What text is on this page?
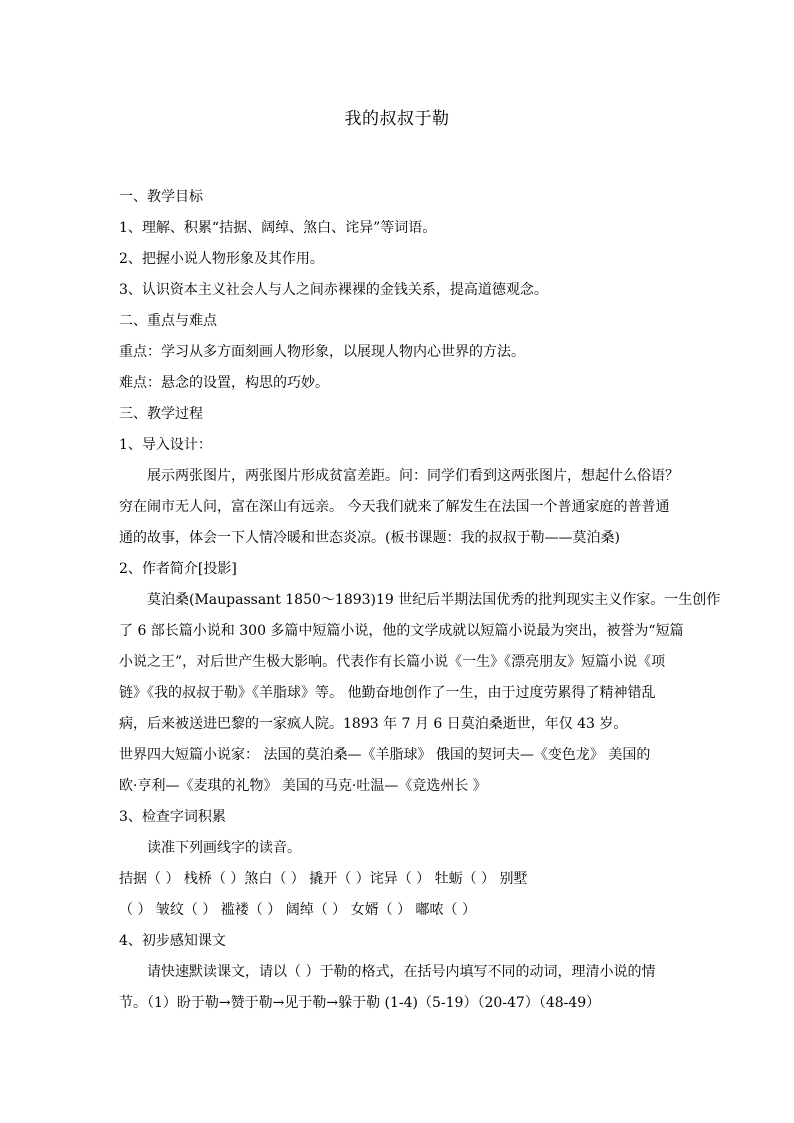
我的叔叔于勒
一、教学目标
1、理解、积累“拮据、阔绰、煞白、诧异”等词语。
2、把握小说人物形象及其作用。
3、认识资本主义社会人与人之间赤裸裸的金钱关系，提高道德观念。
二、重点与难点
重点：学习从多方面刻画人物形象，以展现人物内心世界的方法。
难点：悬念的设置，构思的巧妙。
三、教学过程
1、导入设计：
展示两张图片，两张图片形成贫富差距。问：同学们看到这两张图片，想起什么俗语？
穷在闹市无人问，富在深山有远亲。 今天我们就来了解发生在法国一个普通家庭的普普通
通的故事，体会一下人情冷暖和世态炎凉。(板书课题：我的叔叔于勒——莫泊桑)
2、作者简介[投影]
莫泊桑(Maupassant 1850～1893)19 世纪后半期法国优秀的批判现实主义作家。一生创作
了 6 部长篇小说和 300 多篇中短篇小说，他的文学成就以短篇小说最为突出，被誉为“短篇
小说之王”，对后世产生极大影响。代表作有长篇小说《一生》《漂亮朋友》短篇小说《项
链》《我的叔叔于勒》《羊脂球》等。 他勤奋地创作了一生，由于过度劳累得了精神错乱
病，后来被送进巴黎的一家疯人院。1893 年 7 月 6 日莫泊桑逝世，年仅 43 岁。
世界四大短篇小说家： 法国的莫泊桑—《羊脂球》 俄国的契诃夫—《变色龙》 美国的
欧·亨利—《麦琪的礼物》 美国的马克·吐温—《竞选州长 》
3、检查字词积累
读准下列画线字的读音。
拮据（ ） 栈桥（ ）煞白（ ） 撬开（ ）诧异（ ） 牡蛎（ ） 别墅
（ ） 皱纹（ ） 褴褛（ ） 阔绰（ ） 女婿（ ） 嘟哝（ ）
4、初步感知课文
请快速默读课文，请以（ ）于勒的格式，在括号内填写不同的动词，理清小说的情
节。（1）盼于勒→赞于勒→见于勒→躲于勒 (1-4)（5-19）（20-47）（48-49）
